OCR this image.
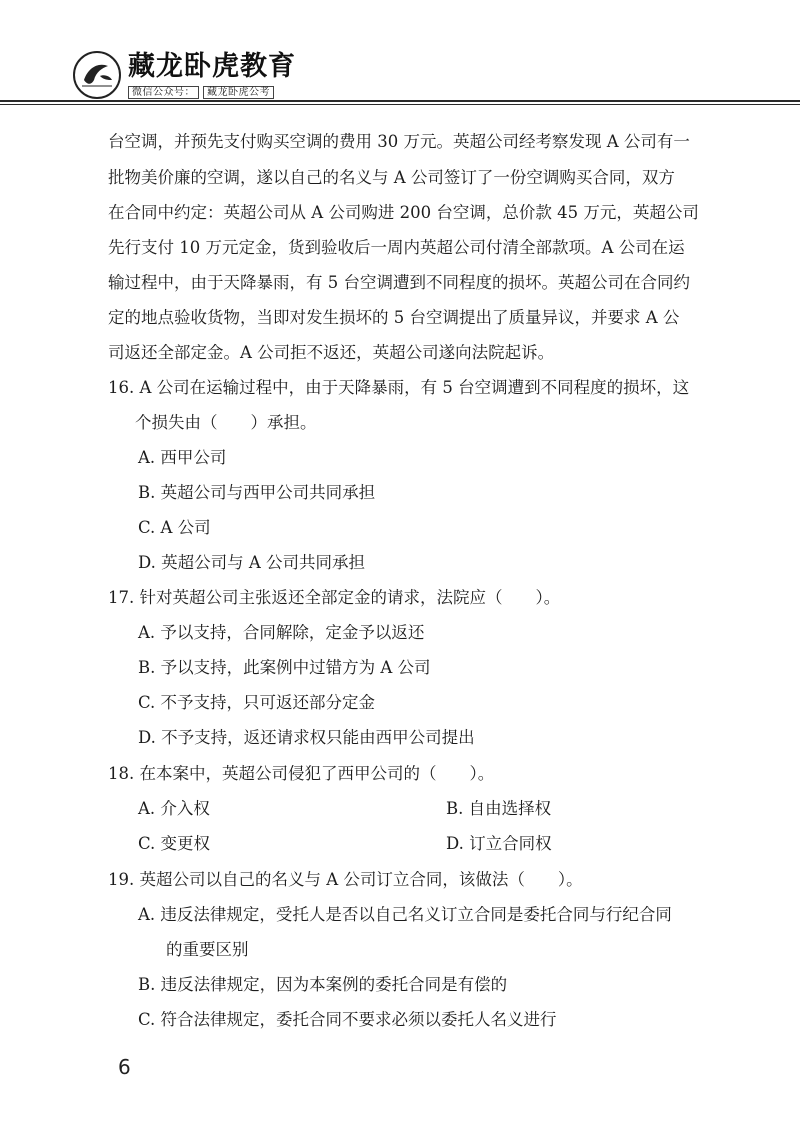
藏龙卧虎教育
微信公众号： 藏龙卧虎公考
台空调，并预先支付购买空调的费用 30 万元。英超公司经考察发现 A 公司有一
批物美价廉的空调，遂以自己的名义与 A 公司签订了一份空调购买合同，双方
在合同中约定：英超公司从 A 公司购进 200 台空调，总价款 45 万元，英超公司
先行支付 10 万元定金，货到验收后一周内英超公司付清全部款项。A 公司在运
输过程中，由于天降暴雨，有 5 台空调遭到不同程度的损坏。英超公司在合同约
定的地点验收货物，当即对发生损坏的 5 台空调提出了质量异议，并要求 A 公
司返还全部定金。A 公司拒不返还，英超公司遂向法院起诉。
16. A 公司在运输过程中，由于天降暴雨，有 5 台空调遭到不同程度的损坏，这
个损失由（　　）承担。
A. 西甲公司
B. 英超公司与西甲公司共同承担
C. A 公司
D. 英超公司与 A 公司共同承担
17. 针对英超公司主张返还全部定金的请求，法院应（　　）。
A. 予以支持，合同解除，定金予以返还
B. 予以支持，此案例中过错方为 A 公司
C. 不予支持，只可返还部分定金
D. 不予支持，返还请求权只能由西甲公司提出
18. 在本案中，英超公司侵犯了西甲公司的（　　）。
A. 介入权	B. 自由选择权
C. 变更权	D. 订立合同权
19. 英超公司以自己的名义与 A 公司订立合同，该做法（　　）。
A. 违反法律规定，受托人是否以自己名义订立合同是委托合同与行纪合同
的重要区别
B. 违反法律规定，因为本案例的委托合同是有偿的
C. 符合法律规定，委托合同不要求必须以委托人名义进行
6
